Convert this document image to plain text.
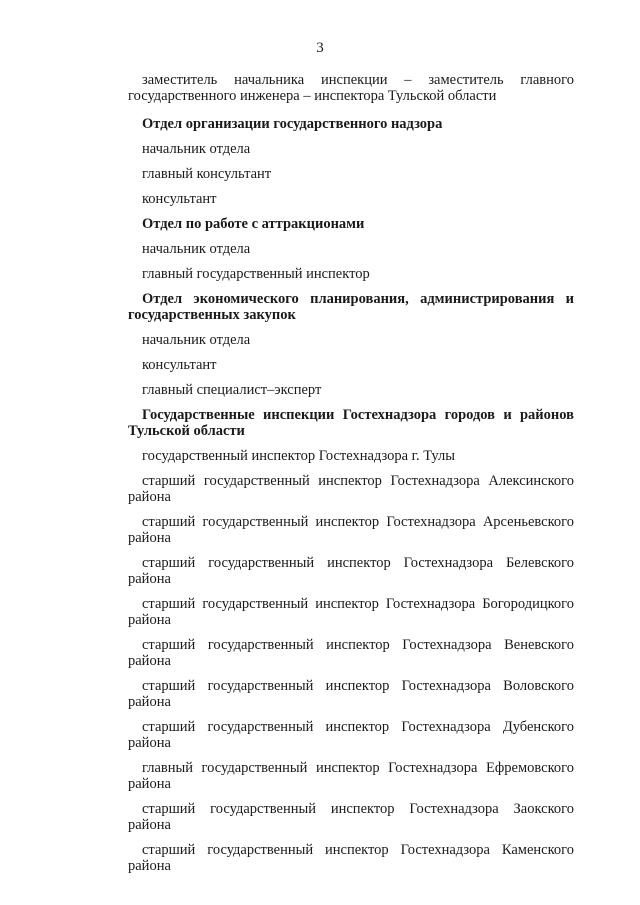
3

заместитель начальника инспекции – заместитель главного государственного инженера – инспектора Тульской области

Отдел организации государственного надзора

начальник отдела

главный консультант

консультант

Отдел по работе с аттракционами

начальник отдела

главный государственный инспектор

Отдел экономического планирования, администрирования и государственных закупок

начальник отдела

консультант

главный специалист–эксперт

Государственные инспекции Гостехнадзора городов и районов Тульской области

государственный инспектор Гостехнадзора г. Тулы

старший государственный инспектор Гостехнадзора Алексинского района

старший государственный инспектор Гостехнадзора Арсеньевского района

старший государственный инспектор Гостехнадзора Белевского района

старший государственный инспектор Гостехнадзора Богородицкого района

старший государственный инспектор Гостехнадзора Веневского района

старший государственный инспектор Гостехнадзора Воловского района

старший государственный инспектор Гостехнадзора Дубенского района

главный государственный инспектор Гостехнадзора Ефремовского района

старший государственный инспектор Гостехнадзора Заокского района

старший государственный инспектор Гостехнадзора Каменского района
